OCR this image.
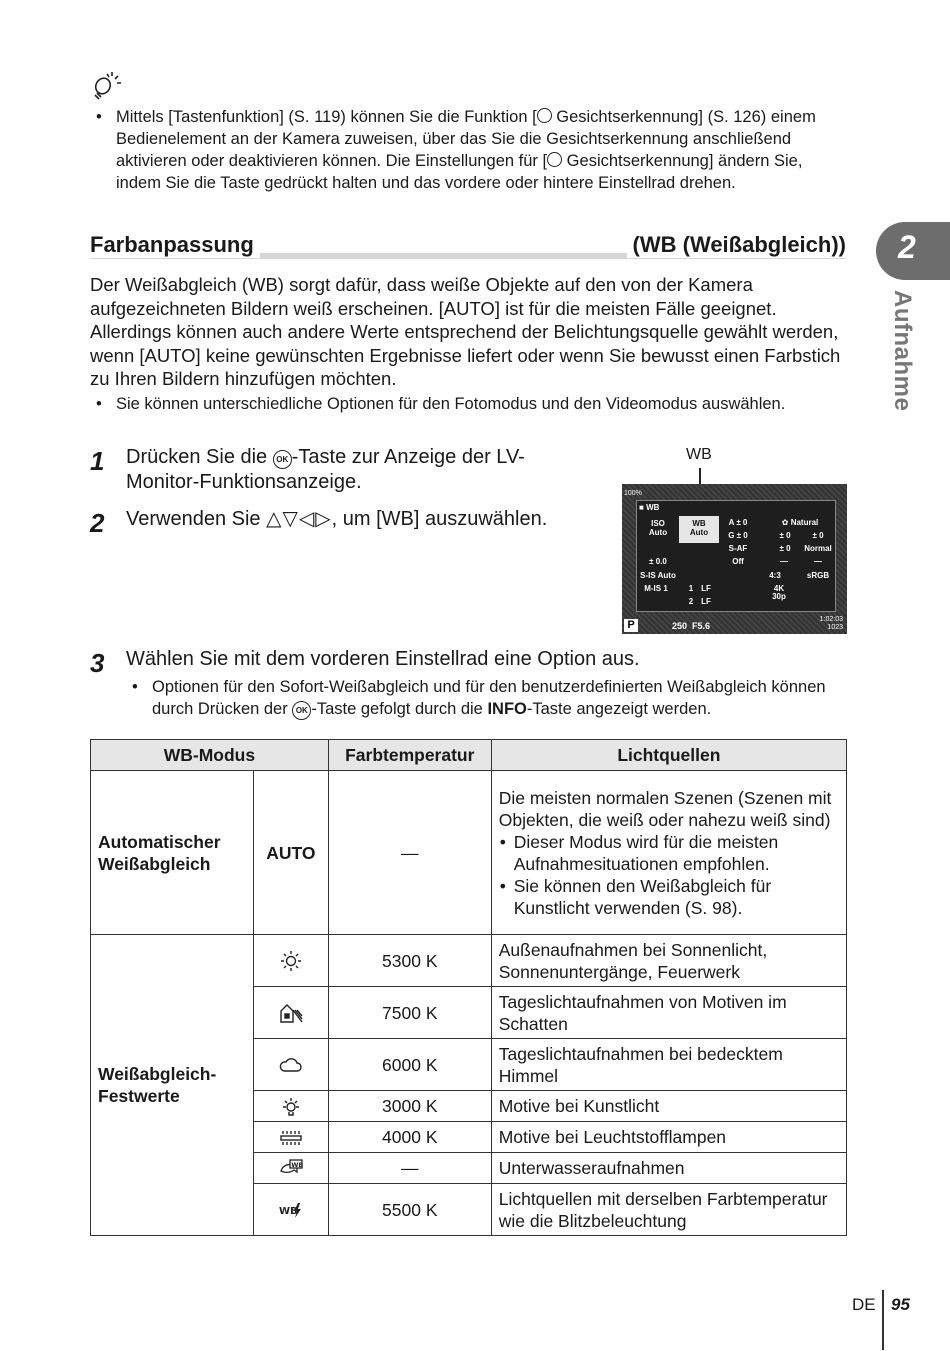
• Mittels [Tastenfunktion] (S. 119) können Sie die Funktion [ Gesichtserkennung] (S. 126) einem Bedienelement an der Kamera zuweisen, über das Sie die Gesichtserkennung anschließend aktivieren oder deaktivieren können. Die Einstellungen für [ Gesichtserkennung] ändern Sie, indem Sie die Taste gedrückt halten und das vordere oder hintere Einstellrad drehen.
Farbanpassung	(WB (Weißabgleich)) 2
Aufnahme
Der Weißabgleich (WB) sorgt dafür, dass weiße Objekte auf den von der Kamera aufgezeichneten Bildern weiß erscheinen. [AUTO] ist für die meisten Fälle geeignet. Allerdings können auch andere Werte entsprechend der Belichtungsquelle gewählt werden, wenn [AUTO] keine gewünschten Ergebnisse liefert oder wenn Sie bewusst einen Farbstich zu Ihren Bildern hinzufügen möchten.
• Sie können unterschiedliche Optionen für den Fotomodus und den Videomodus auswählen.
1 Drücken Sie die OK -Taste zur Anzeige der LV-Monitor-Funktionsanzeige.
2 Verwenden Sie △▽◁▷, um [WB] auszuwählen.
WB
100%
■ WB
ISO
Auto
WB
Auto
A ± 0
G ± 0
✿ Natural
± 0	± 0
± 0	Normal
S-AF
Off
± 0.0	—	—
S-IS Auto	4:3	sRGB
M-IS 1	1 LF
2 LF
4K
30p
P	250 F5.6
1:02:03
1023
3 Wählen Sie mit dem vorderen Einstellrad eine Option aus.
• Optionen für den Sofort-Weißabgleich und für den benutzerdefinierten Weißabgleich können durch Drücken der OK -Taste gefolgt durch die INFO-Taste angezeigt werden.
WB-Modus		Farbtemperatur	Lichtquellen
Automatischer Weißabgleich	AUTO	—	Die meisten normalen Szenen (Szenen mit Objekten, die weiß oder nahezu weiß sind)
• Dieser Modus wird für die meisten Aufnahmesituationen empfohlen.
• Sie können den Weißabgleich für Kunstlicht verwenden (S. 98).

Weißabgleich-Festwerte		5300 K	Außenaufnahmen bei Sonnenlicht, Sonnenuntergänge, Feuerwerk
	7500 K	Tageslichtaufnahmen von Motiven im Schatten
	6000 K	Tageslichtaufnahmen bei bedecktem Himmel
	3000 K	Motive bei Kunstlicht
	4000 K	Motive bei Leuchtstofflampen

WB	—	Unterwasseraufnahmen

WB	5500 K	Lichtquellen mit derselben Farbtemperatur wie die Blitzbeleuchtung
DE 95
